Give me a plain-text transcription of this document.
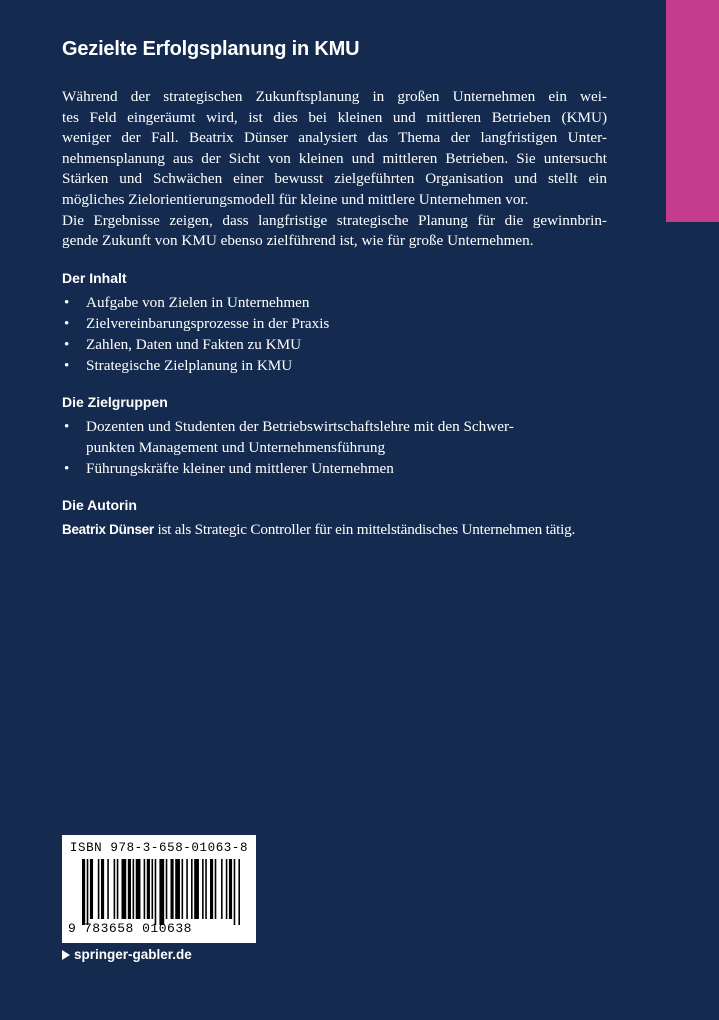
Gezielte Erfolgsplanung in KMU

Während der strategischen Zukunftsplanung in großen Unternehmen ein wei-
tes Feld eingeräumt wird, ist dies bei kleinen und mittleren Betrieben (KMU)
weniger der Fall. Beatrix Dünser analysiert das Thema der langfristigen Unter-
nehmensplanung aus der Sicht von kleinen und mittleren Betrieben. Sie untersucht
Stärken und Schwächen einer bewusst zielgeführten Organisation und stellt ein
mögliches Zielorientierungsmodell für kleine und mittlere Unternehmen vor.
Die Ergebnisse zeigen, dass langfristige strategische Planung für die gewinnbrin-
gende Zukunft von KMU ebenso zielführend ist, wie für große Unternehmen.

Der Inhalt
• Aufgabe von Zielen in Unternehmen
• Zielvereinbarungsprozesse in der Praxis
• Zahlen, Daten und Fakten zu KMU
• Strategische Zielplanung in KMU
Die Zielgruppen
• Dozenten und Studenten der Betriebswirtschaftslehre mit den Schwer-
punkten Management und Unternehmensführung
• Führungskräfte kleiner und mittlerer Unternehmen
Die Autorin

Beatrix Dünser ist als Strategic Controller für ein mittelständisches Unternehmen tätig.

ISBN 978-3-658-01063-8
9 783658 010638
springer-gabler.de
